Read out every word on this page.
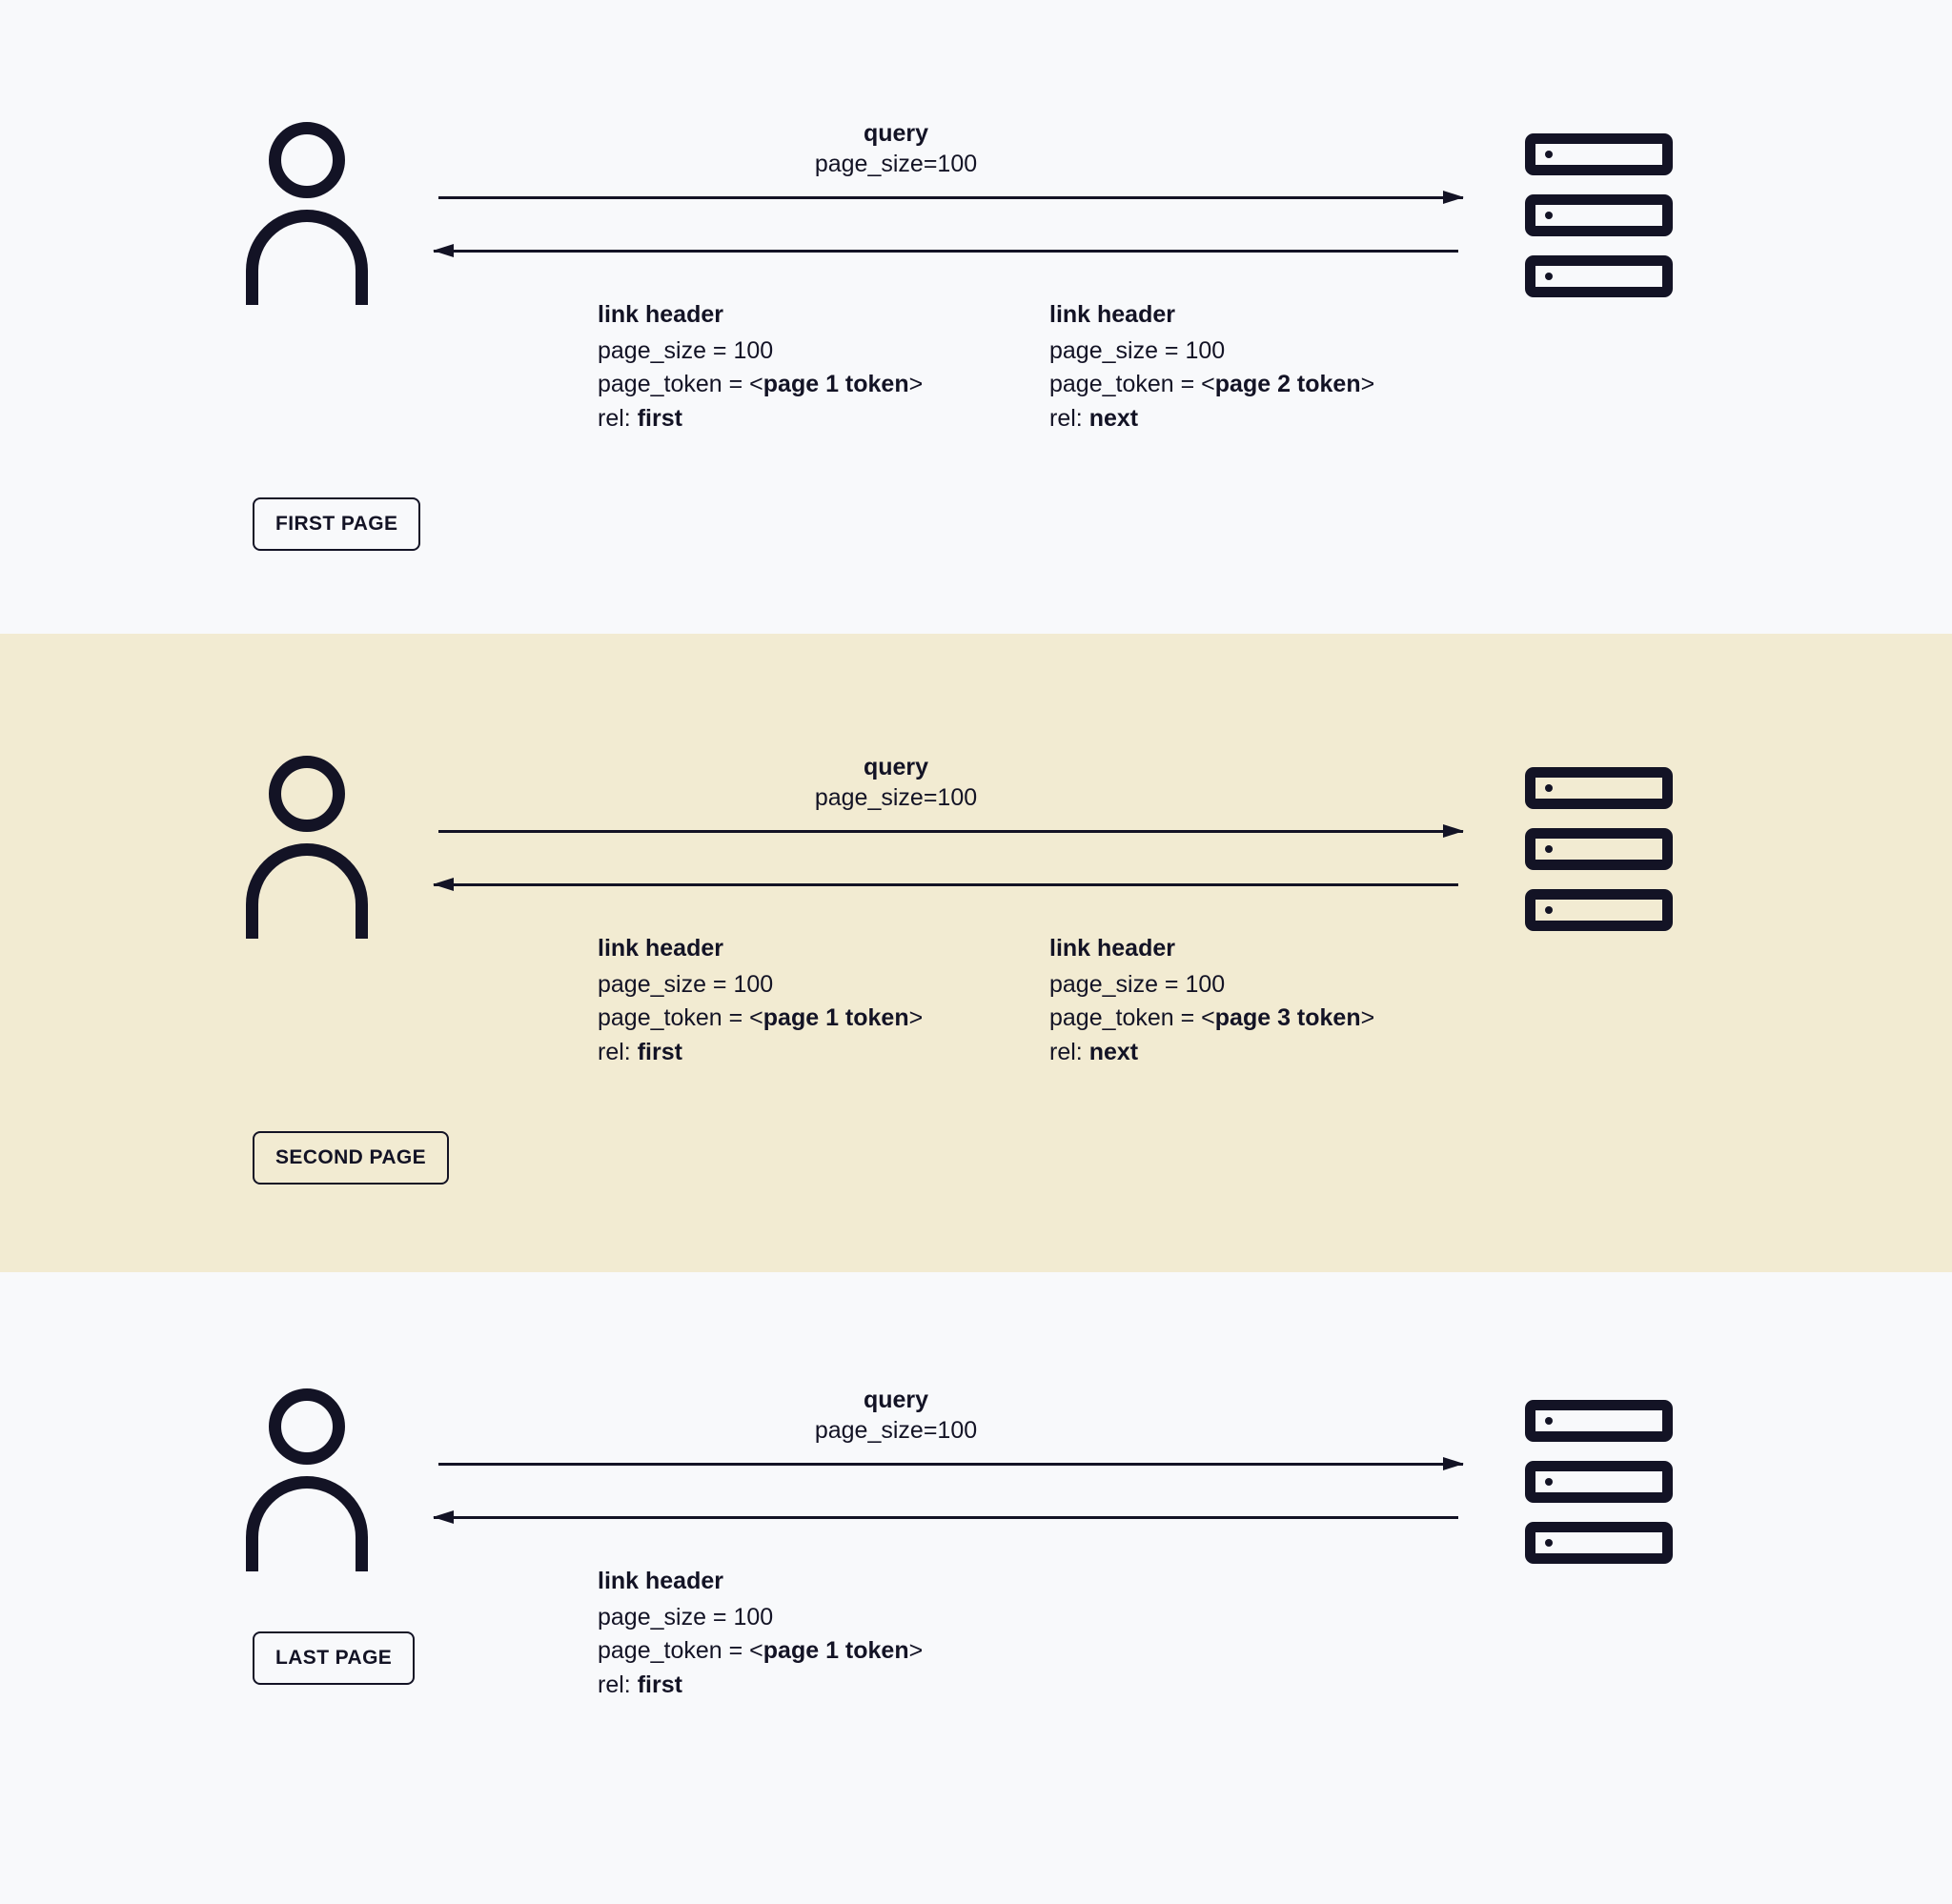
query
page_size=100
link header
page_size = 100
page_token = <page 1 token>
rel: first
link header
page_size = 100
page_token = <page 2 token>
rel: next
FIRST PAGE
query
page_size=100
link header
page_size = 100
page_token = <page 1 token>
rel: first
link header
page_size = 100
page_token = <page 3 token>
rel: next
SECOND PAGE
query
page_size=100
link header
page_size = 100
page_token = <page 1 token>
rel: first
LAST PAGE
